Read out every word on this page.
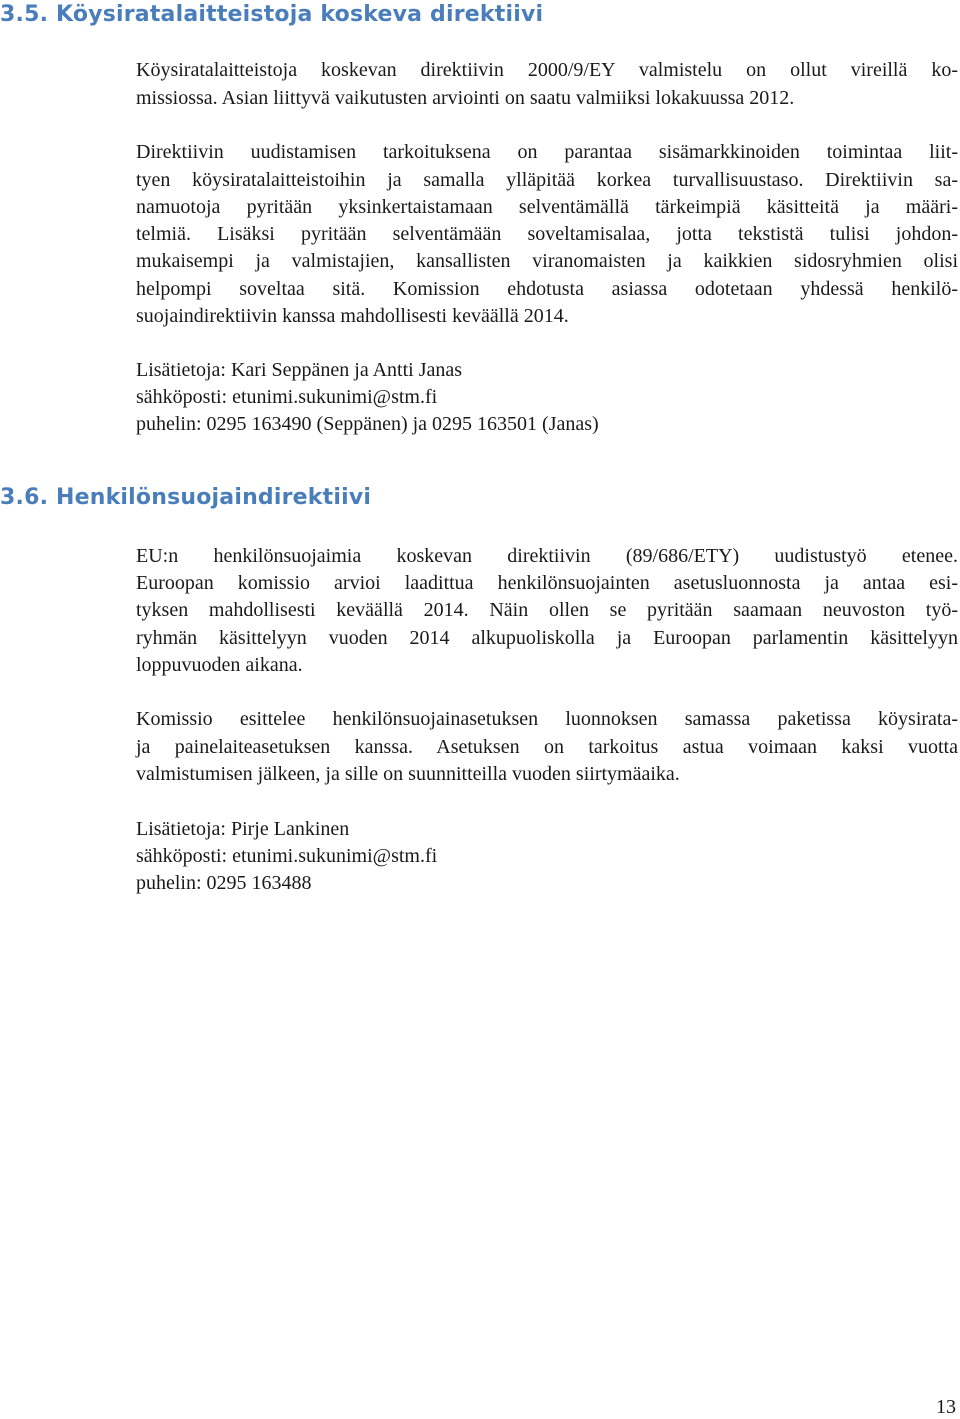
3.5. Köysiratalaitteistoja koskeva direktiivi
Köysiratalaitteistoja koskevan direktiivin 2000/9/EY valmistelu on ollut vireillä ko-
missiossa. Asian liittyvä vaikutusten arviointi on saatu valmiiksi lokakuussa 2012.
Direktiivin uudistamisen tarkoituksena on parantaa sisämarkkinoiden toimintaa liit-
tyen köysiratalaitteistoihin ja samalla ylläpitää korkea turvallisuustaso. Direktiivin sa-
namuotoja pyritään yksinkertaistamaan selventämällä tärkeimpiä käsitteitä ja määri-
telmiä. Lisäksi pyritään selventämään soveltamisalaa, jotta tekstistä tulisi johdon-
mukaisempi ja valmistajien, kansallisten viranomaisten ja kaikkien sidosryhmien olisi
helpompi soveltaa sitä. Komission ehdotusta asiassa odotetaan yhdessä henkilö-
suojaindirektiivin kanssa mahdollisesti keväällä 2014.
Lisätietoja: Kari Seppänen ja Antti Janas
sähköposti: etunimi.sukunimi@stm.fi
puhelin: 0295 163490 (Seppänen) ja 0295 163501 (Janas)
3.6. Henkilönsuojaindirektiivi
EU:n henkilönsuojaimia koskevan direktiivin (89/686/ETY) uudistustyö etenee.
Euroopan komissio arvioi laadittua henkilönsuojainten asetusluonnosta ja antaa esi-
tyksen mahdollisesti keväällä 2014. Näin ollen se pyritään saamaan neuvoston työ-
ryhmän käsittelyyn vuoden 2014 alkupuoliskolla ja Euroopan parlamentin käsittelyyn
loppuvuoden aikana.
Komissio esittelee henkilönsuojainasetuksen luonnoksen samassa paketissa köysirata-
ja painelaiteasetuksen kanssa. Asetuksen on tarkoitus astua voimaan kaksi vuotta
valmistumisen jälkeen, ja sille on suunnitteilla vuoden siirtymäaika.
Lisätietoja: Pirje Lankinen
sähköposti: etunimi.sukunimi@stm.fi
puhelin: 0295 163488
13
